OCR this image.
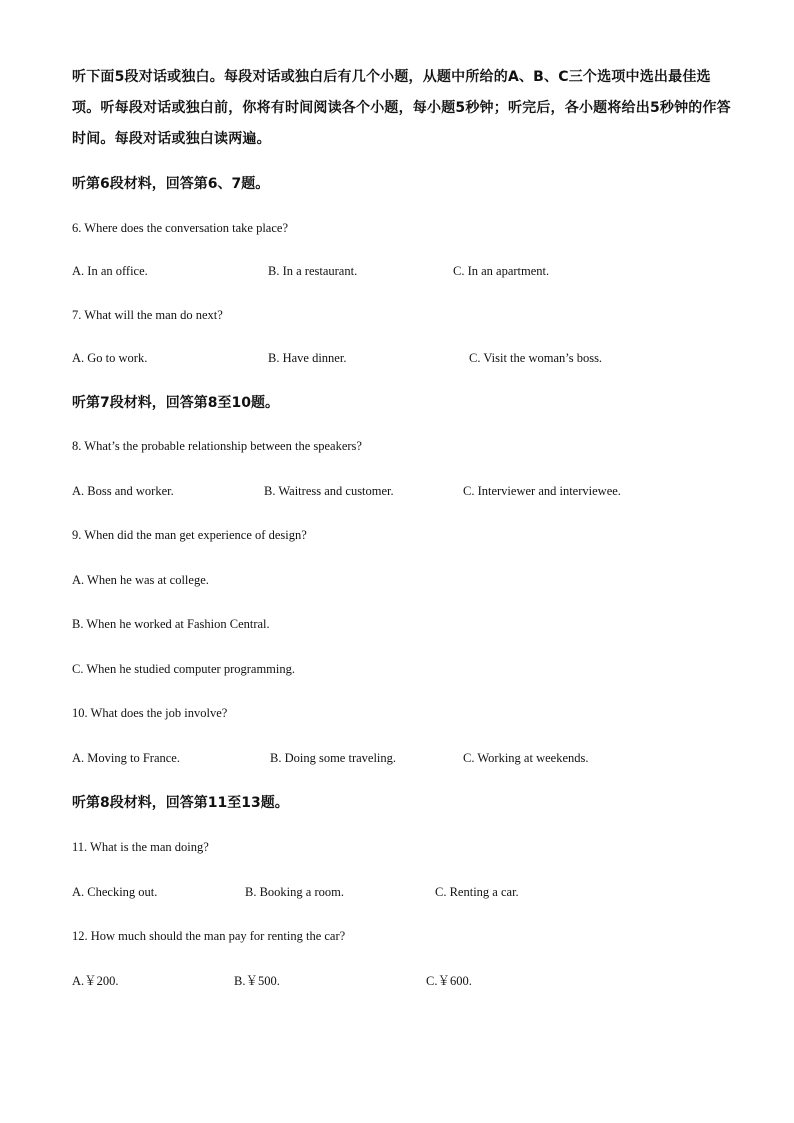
听下面5段对话或独白。每段对话或独白后有几个小题，从题中所给的A、B、C三个选项中选出最佳选项。听每段对话或独白前，你将有时间阅读各个小题，每小题5秒钟；听完后，各小题将给出5秒钟的作答时间。每段对话或独白读两遍。
听第6段材料，回答第6、7题。
6. Where does the conversation take place?
A. In an office.	B. In a restaurant.	C. In an apartment.
7. What will the man do next?
A. Go to work.	B. Have dinner.	C. Visit the woman’s boss.
听第7段材料，回答第8至10题。
8. What’s the probable relationship between the speakers?
A. Boss and worker.	B. Waitress and customer.	C. Interviewer and interviewee.
9. When did the man get experience of design?
A. When he was at college.
B. When he worked at Fashion Central.
C. When he studied computer programming.
10. What does the job involve?
A. Moving to France.	B. Doing some traveling.	C. Working at weekends.
听第8段材料，回答第11至13题。
11. What is the man doing?
A. Checking out.	B. Booking a room.	C. Renting a car.
12. How much should the man pay for renting the car?
A.￥200.	B.￥500.	C.￥600.
